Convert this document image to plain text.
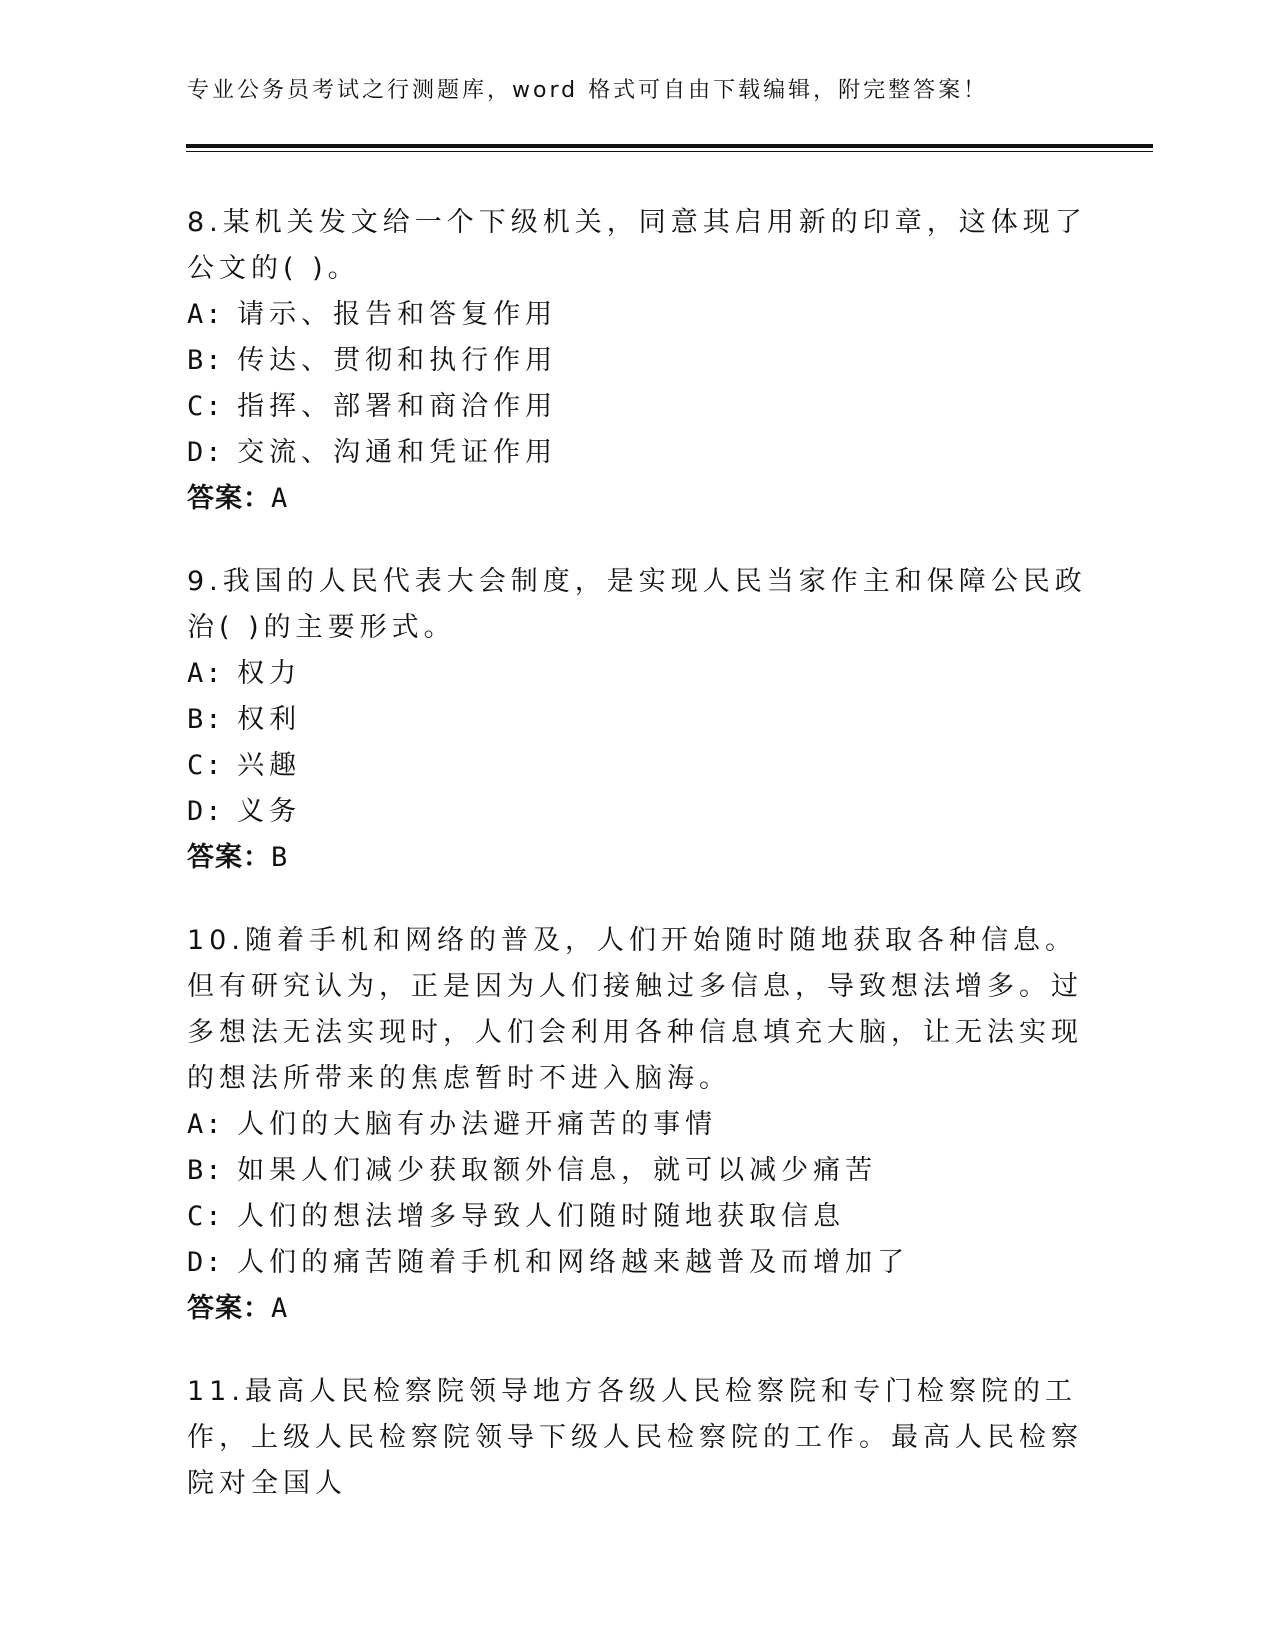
专业公务员考试之行测题库，word 格式可自由下载编辑，附完整答案！

8.某机关发文给一个下级机关，同意其启用新的印章，这体现了公文的( )。

A: 请示、报告和答复作用

B: 传达、贯彻和执行作用

C: 指挥、部署和商洽作用

D: 交流、沟通和凭证作用

答案：A

9.我国的人民代表大会制度，是实现人民当家作主和保障公民政治( )的主要形式。

A: 权力

B: 权利

C: 兴趣

D: 义务

答案：B

10.随着手机和网络的普及，人们开始随时随地获取各种信息。但有研究认为，正是因为人们接触过多信息，导致想法增多。过多想法无法实现时，人们会利用各种信息填充大脑，让无法实现的想法所带来的焦虑暂时不进入脑海。

A: 人们的大脑有办法避开痛苦的事情

B: 如果人们减少获取额外信息，就可以减少痛苦

C: 人们的想法增多导致人们随时随地获取信息

D: 人们的痛苦随着手机和网络越来越普及而增加了

答案：A

11.最高人民检察院领导地方各级人民检察院和专门检察院的工作，上级人民检察院领导下级人民检察院的工作。最高人民检察院对全国人
